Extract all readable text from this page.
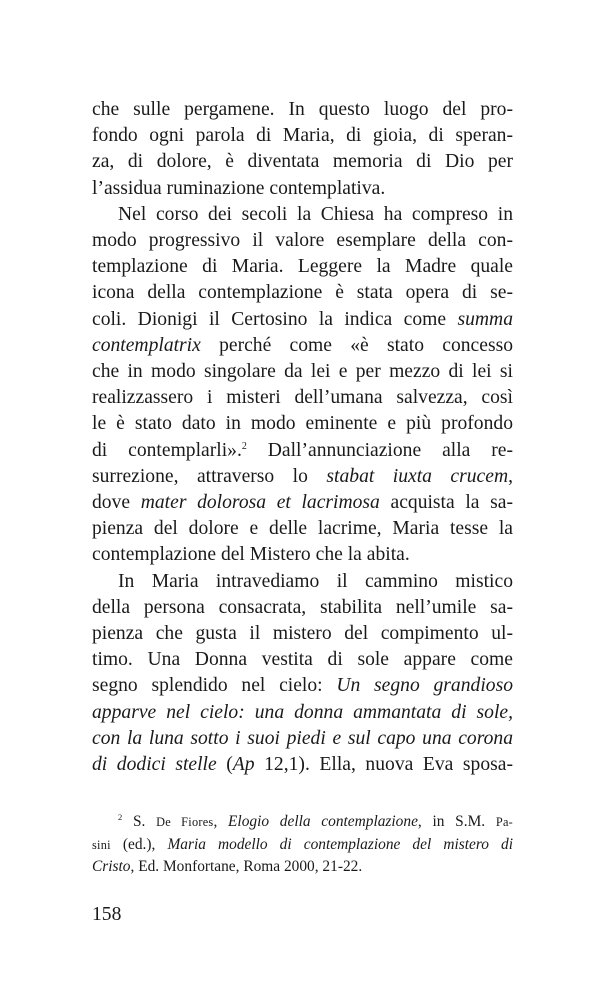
che sulle pergamene. In questo luogo del pro-

fondo ogni parola di Maria, di gioia, di speran-

za, di dolore, è diventata memoria di Dio per

l’assidua ruminazione contemplativa.

Nel corso dei secoli la Chiesa ha compreso in

modo progressivo il valore esemplare della con-

templazione di Maria. Leggere la Madre quale

icona della contemplazione è stata opera di se-

coli. Dionigi il Certosino la indica come summa

contemplatrix perché come «è stato concesso

che in modo singolare da lei e per mezzo di lei si

realizzassero i misteri dell’umana salvezza, così

le è stato dato in modo eminente e più profondo

di contemplarli».$^2$ Dall’annunciazione alla re-

surrezione, attraverso lo stabat iuxta crucem,

dove mater dolorosa et lacrimosa acquista la sa-

pienza del dolore e delle lacrime, Maria tesse la

contemplazione del Mistero che la abita.

In Maria intravediamo il cammino mistico

della persona consacrata, stabilita nell’umile sa-

pienza che gusta il mistero del compimento ul-

timo. Una Donna vestita di sole appare come

segno splendido nel cielo: Un segno grandioso

apparve nel cielo: una donna ammantata di sole,

con la luna sotto i suoi piedi e sul capo una corona

di dodici stelle (Ap 12,1). Ella, nuova Eva sposa-

$^2$ S. De Fiores, Elogio della contemplazione, in S.M. Pa-

sini (ed.), Maria modello di contemplazione del mistero di

Cristo, Ed. Monfortane, Roma 2000, 21-22.

158
